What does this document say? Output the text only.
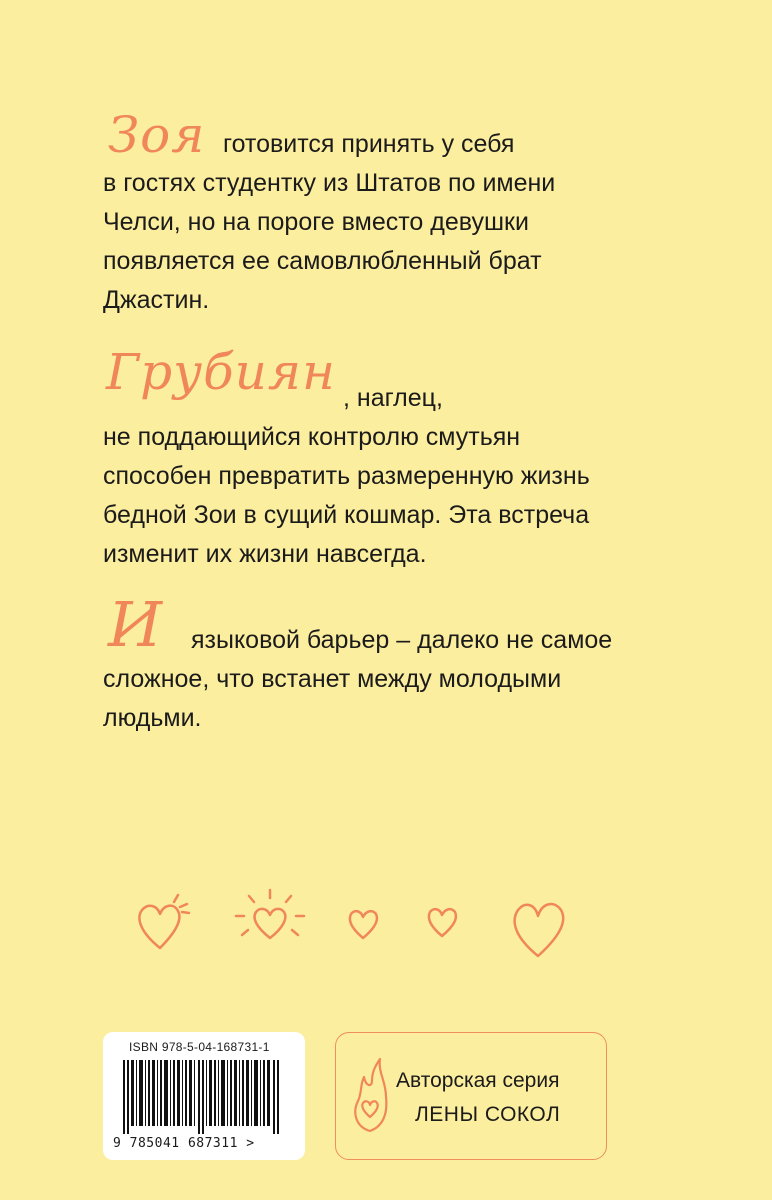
Зоя готовится принять у себя
в гостях студентку из Штатов по имени
Челси, но на пороге вместо девушки
появляется ее самовлюбленный брат
Джастин.

Грубиян , наглец,
не поддающийся контролю смутьян
способен превратить размеренную жизнь
бедной Зои в сущий кошмар. Эта встреча
изменит их жизни навсегда.

И	языковой барьер – далеко не самое
сложное, что встанет между молодыми
людьми.

ISBN 978-5-04-168731-1
9 785041 687311 >
Авторская серия
ЛЕНЫ СОКОЛ
